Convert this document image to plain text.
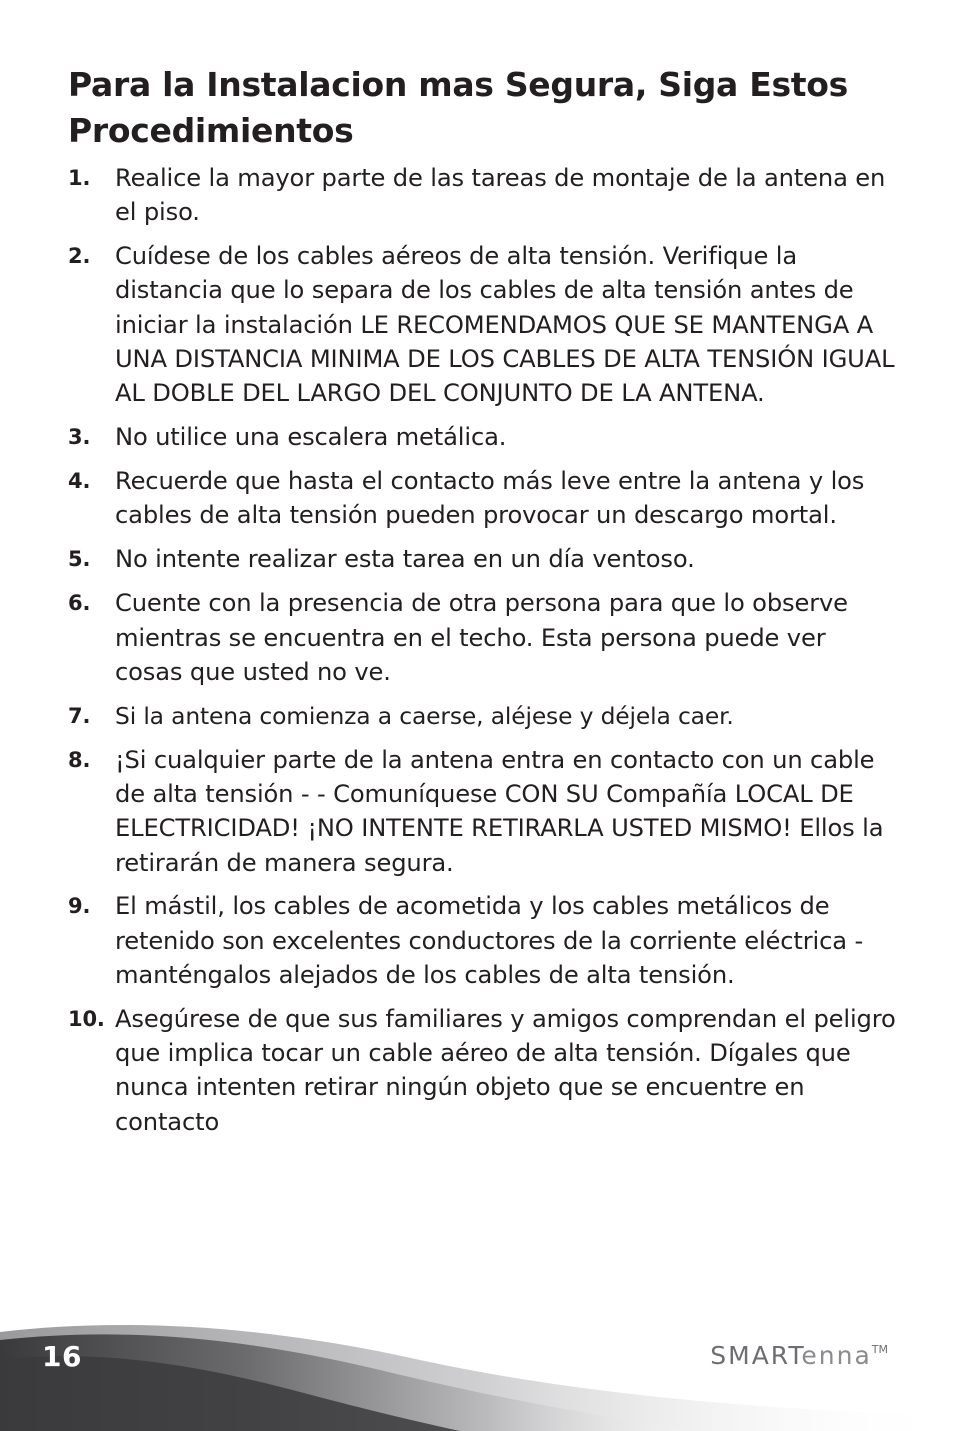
Para la Instalacion mas Segura, Siga Estos Procedimientos
1. Realice la mayor parte de las tareas de montaje de la antena en el piso.
2. Cuídese de los cables aéreos de alta tensión. Verifique la distancia que lo separa de los cables de alta tensión antes de iniciar la instalación LE RECOMENDAMOS QUE SE MANTENGA A UNA DISTANCIA MINIMA DE LOS CABLES DE ALTA TENSIÓN IGUAL AL DOBLE DEL LARGO DEL CONJUNTO DE LA ANTENA.
3. No utilice una escalera metálica.
4. Recuerde que hasta el contacto más leve entre la antena y los cables de alta tensión pueden provocar un descargo mortal.
5. No intente realizar esta tarea en un día ventoso.
6. Cuente con la presencia de otra persona para que lo observe mientras se encuentra en el techo. Esta persona puede ver cosas que usted no ve.
7. Si la antena comienza a caerse, aléjese y déjela caer.
8. ¡Si cualquier parte de la antena entra en contacto con un cable de alta tensión - - Comuníquese CON SU Compañía LOCAL DE ELECTRICIDAD! ¡NO INTENTE RETIRARLA USTED MISMO! Ellos la retirarán de manera segura.
9. El mástil, los cables de acometida y los cables metálicos de retenido son excelentes conductores de la corriente eléctrica - manténgalos alejados de los cables de alta tensión.
10. Asegúrese de que sus familiares y amigos comprendan el peligro que implica tocar un cable aéreo de alta tensión. Dígales que nunca intenten retirar ningún objeto que se encuentre en contacto
16	SMARTenna™
